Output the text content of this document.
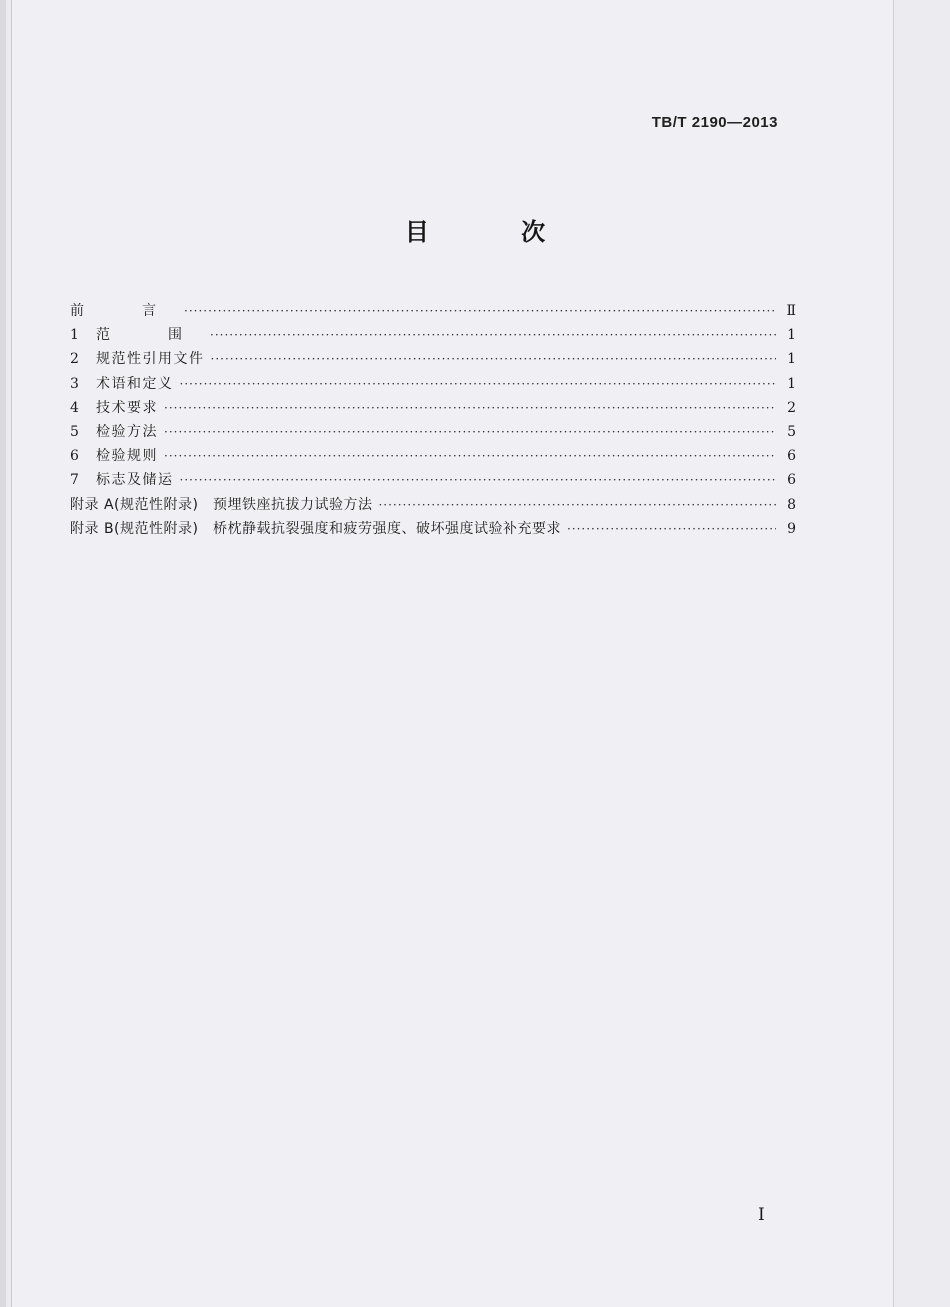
TB/T 2190—2013
目 次
前　言 ·····	Ⅱ
1	范　围 ·····	1
2	规范性引用文件 ·····	1
3	术语和定义 ·····	1
4	技术要求 ·····	2
5	检验方法 ·····	5
6	检验规则 ·····	6
7	标志及储运 ·····	6
附录 A(规范性附录)　预埋铁座抗拔力试验方法 ·····	8
附录 B(规范性附录)　桥枕静载抗裂强度和疲劳强度、破坏强度试验补充要求 ·····	9
I
